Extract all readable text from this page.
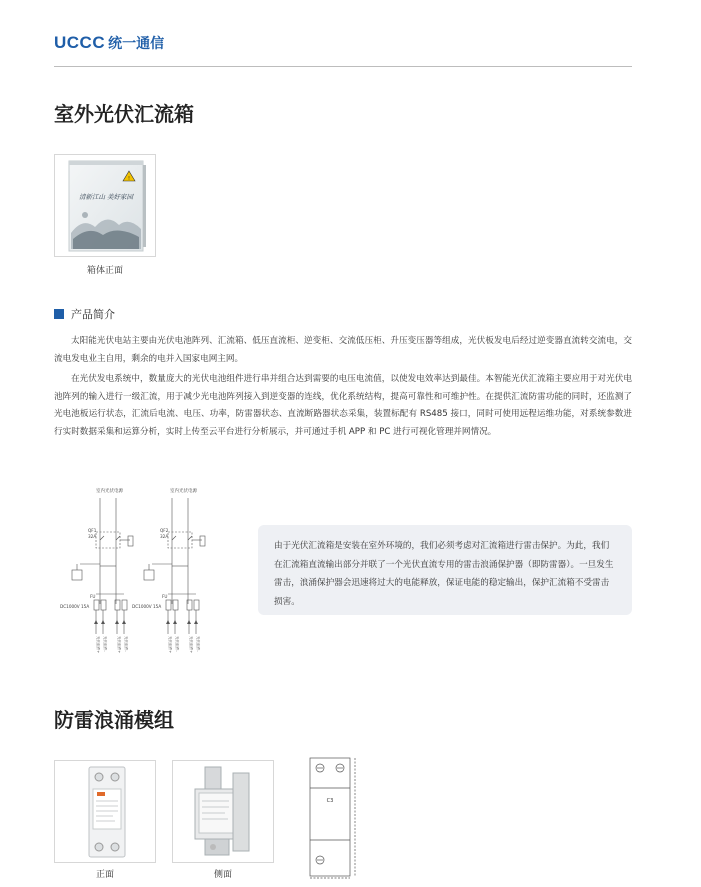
UCCC 统一通信
室外光伏汇流箱
!
清新江山 美好家园
箱体正面
产品简介

太阳能光伏电站主要由光伏电池阵列、汇流箱、低压直流柜、逆变柜、交流低压柜、升压变压器等组成，光伏板发电后经过逆变器直流转交流电，交流电发电业主自用，剩余的电并入国家电网主网。

在光伏发电系统中，数量庞大的光伏电池组件进行串并组合达到需要的电压电流值，以使发电效率达到最佳。本智能光伏汇流箱主要应用于对光伏电池阵列的输入进行一级汇流，用于减少光电池阵列接入到逆变器的连线，优化系统结构，提高可靠性和可维护性。在提供汇流防雷功能的同时，还监测了光电池板运行状态，汇流后电流、电压、功率，防雷器状态、直流断路器状态采集，装置标配有 RS485 接口，同时可使用远程运维功能，对系统参数进行实时数据采集和运算分析，实时上传至云平台进行分析展示，并可通过手机 APP 和 PC 进行可视化管理并网情况。

室内光伏电源	室内光伏电源
QF1
32A
QF2
32A
DC1000V 15A	DC1000V 15A
FU	FU
光伏组件+ 光伏组件-	光伏组件+ 光伏组件-	光伏组件+ 光伏组件-	光伏组件+ 光伏组件-
由于光伏汇流箱是安装在室外环境的，我们必须考虑对汇流箱进行雷击保护。为此，我们在汇流箱直流输出部分并联了一个光伏直流专用的雷击浪涌保护器（即防雷器）。一旦发生雷击，浪涌保护器会迅速将过大的电能释放，保证电能的稳定输出，保护汇流箱不受雷击损害。
防雷浪涌模组
正面	侧面
C3
